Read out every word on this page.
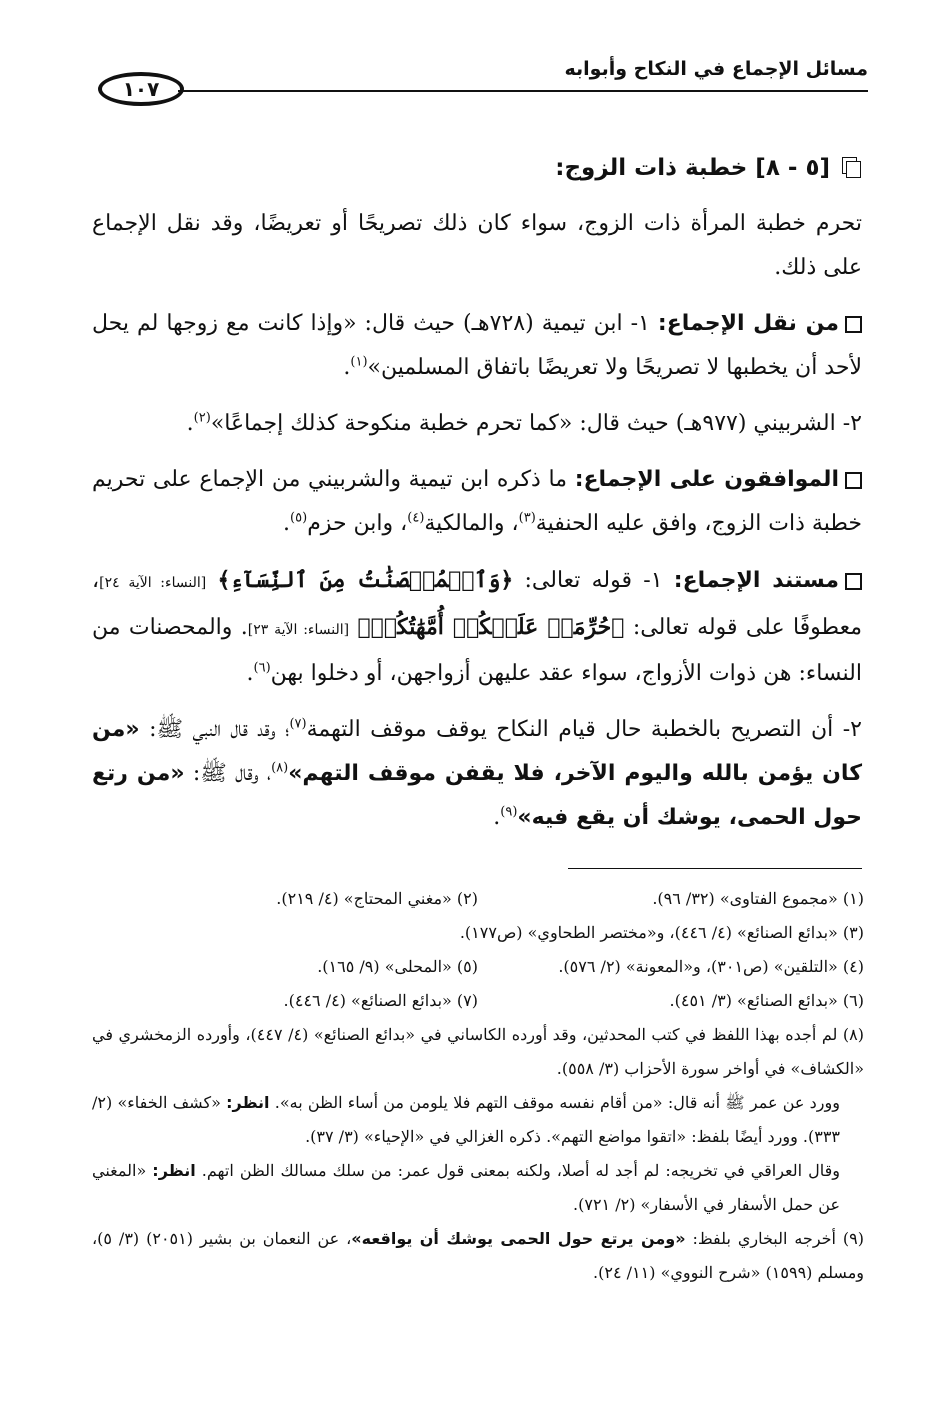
مسائل الإجماع في النكاح وأبوابه
١٠٧
[٥ - ٨] خطبة ذات الزوج:

تحرم خطبة المرأة ذات الزوج، سواء كان ذلك تصريحًا أو تعريضًا، وقد نقل الإجماع على ذلك.

من نقل الإجماع: ١- ابن تيمية (٧٢٨هـ) حيث قال: «وإذا كانت مع زوجها لم يحل لأحد أن يخطبها لا تصريحًا ولا تعريضًا باتفاق المسلمين»$^{(١)}$.

٢- الشربيني (٩٧٧هـ) حيث قال: «كما تحرم خطبة منكوحة كذلك إجماعًا»$^{(٢)}$.

الموافقون على الإجماع: ما ذكره ابن تيمية والشربيني من الإجماع على تحريم خطبة ذات الزوج، وافق عليه الحنفية$^{(٣)}$، والمالكية$^{(٤)}$، وابن حزم$^{(٥)}$.

مستند الإجماع: ١- قوله تعالى: ﴿وَٱلۡمُحۡصَنَٰتُ مِنَ ٱلنِّسَآءِ﴾ [النساء: الآية ٢٤]، معطوفًا على قوله تعالى: ﴿حُرِّمَتۡ عَلَيۡكُمۡ أُمَّهَٰتُكُمۡ﴾ [النساء: الآية ٢٣]. والمحصنات من النساء: هن ذوات الأزواج، سواء عقد عليهن أزواجهن، أو دخلوا بهن$^{(٦)}$.

٢- أن التصريح بالخطبة حال قيام النكاح يوقف موقف التهمة$^{(٧)}$؛ وقد قال النبي ﷺ: «من كان يؤمن بالله واليوم الآخر، فلا يقفن موقف التهم»$^{(٨)}$، وقال ﷺ: «من رتع حول الحمى، يوشك أن يقع فيه»$^{(٩)}$.

(١) «مجموع الفتاوى» (٣٢/ ٩٦).
(٢) «مغني المحتاج» (٤/ ٢١٩).
(٣) «بدائع الصنائع» (٤/ ٤٤٦)، و«مختصر الطحاوي» (ص١٧٧).
(٤) «التلقين» (ص٣٠١)، و«المعونة» (٢/ ٥٧٦).
(٥) «المحلى» (٩/ ١٦٥).
(٦) «بدائع الصنائع» (٣/ ٤٥١).
(٧) «بدائع الصنائع» (٤/ ٤٤٦).
(٨) لم أجده بهذا اللفظ في كتب المحدثين، وقد أورده الكاساني في «بدائع الصنائع» (٤/ ٤٤٧)، وأورده الزمخشري في «الكشاف» في أواخر سورة الأحزاب (٣/ ٥٥٨).
وورد عن عمر ﷺ أنه قال: «من أقام نفسه موقف التهم فلا يلومن من أساء الظن به». انظر: «كشف الخفاء» (٢/ ٣٣٣). وورد أيضًا بلفظ: «اتقوا مواضع التهم». ذكره الغزالي في «الإحياء» (٣/ ٣٧).
وقال العراقي في تخريجه: لم أجد له أصلا، ولكنه بمعنى قول عمر: من سلك مسالك الظن اتهم. انظر: «المغني عن حمل الأسفار في الأسفار» (٢/ ٧٢١).
(٩) أخرجه البخاري بلفظ: «ومن يرتع حول الحمى يوشك أن يواقعه»، عن النعمان بن بشير (٢٠٥١) (٣/ ٥)، ومسلم (١٥٩٩) «شرح النووي» (١١/ ٢٤).
